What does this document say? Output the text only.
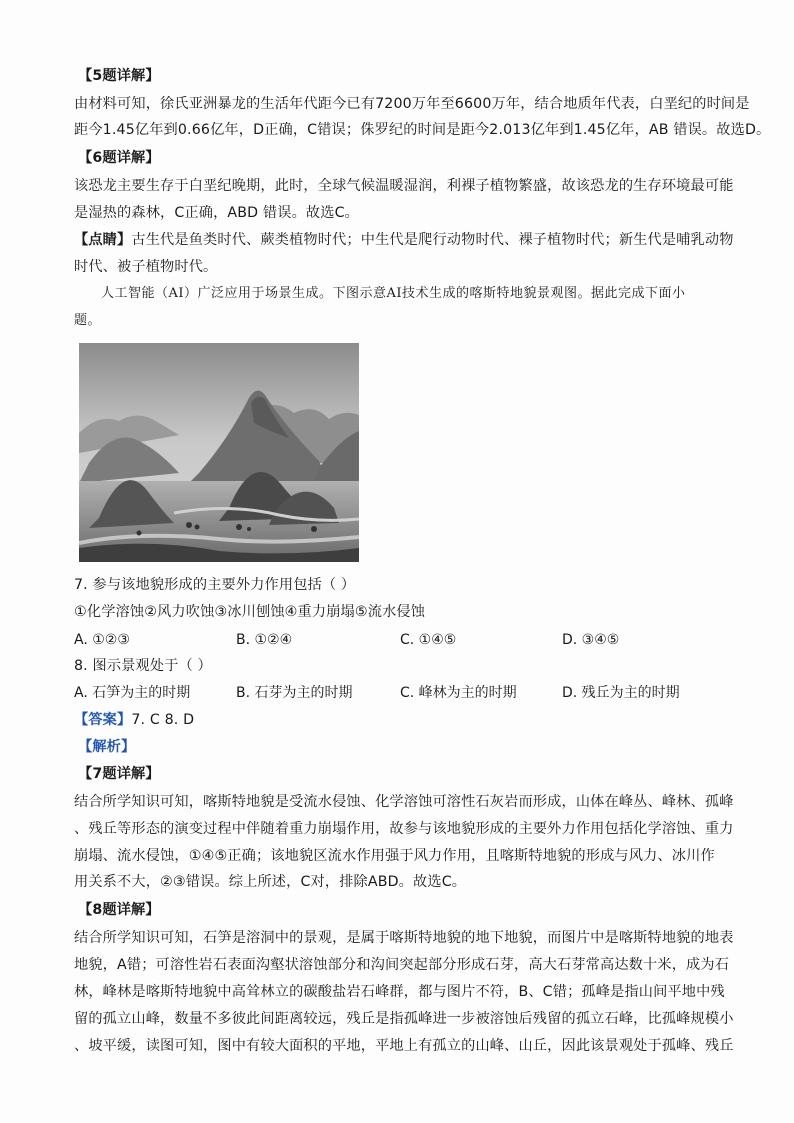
【5题详解】
由材料可知，徐氏亚洲暴龙的生活年代距今已有7200万年至6600万年，结合地质年代表，白垩纪的时间是
距今1.45亿年到0.66亿年，D正确，C错误；侏罗纪的时间是距今2.013亿年到1.45亿年，AB 错误。故选D。
【6题详解】
该恐龙主要生存于白垩纪晚期，此时，全球气候温暖湿润，利裸子植物繁盛，故该恐龙的生存环境最可能
是湿热的森林，C正确，ABD 错误。故选C。
【点睛】古生代是鱼类时代、蕨类植物时代；中生代是爬行动物时代、裸子植物时代；新生代是哺乳动物
时代、被子植物时代。
人工智能（AI）广泛应用于场景生成。下图示意AI技术生成的喀斯特地貌景观图。据此完成下面小
题。
7. 参与该地貌形成的主要外力作用包括（ ）
①化学溶蚀②风力吹蚀③冰川刨蚀④重力崩塌⑤流水侵蚀
A. ①②③	B. ①②④	C. ①④⑤	D. ③④⑤
8. 图示景观处于（ ）
A. 石笋为主的时期	B. 石芽为主的时期	C. 峰林为主的时期	D. 残丘为主的时期
【答案】7. C 8. D
【解析】
【7题详解】
结合所学知识可知，喀斯特地貌是受流水侵蚀、化学溶蚀可溶性石灰岩而形成，山体在峰丛、峰林、孤峰
、残丘等形态的演变过程中伴随着重力崩塌作用，故参与该地貌形成的主要外力作用包括化学溶蚀、重力
崩塌、流水侵蚀，①④⑤正确；该地貌区流水作用强于风力作用，且喀斯特地貌的形成与风力、冰川作
用关系不大，②③错误。综上所述，C对，排除ABD。故选C。
【8题详解】
结合所学知识可知，石笋是溶洞中的景观，是属于喀斯特地貌的地下地貌，而图片中是喀斯特地貌的地表
地貌，A错；可溶性岩石表面沟壑状溶蚀部分和沟间突起部分形成石芽，高大石芽常高达数十米，成为石
林，峰林是喀斯特地貌中高耸林立的碳酸盐岩石峰群，都与图片不符，B、C错；孤峰是指山间平地中残
留的孤立山峰，数量不多彼此间距离较远，残丘是指孤峰进一步被溶蚀后残留的孤立石峰，比孤峰规模小
、坡平缓，读图可知，图中有较大面积的平地，平地上有孤立的山峰、山丘，因此该景观处于孤峰、残丘
